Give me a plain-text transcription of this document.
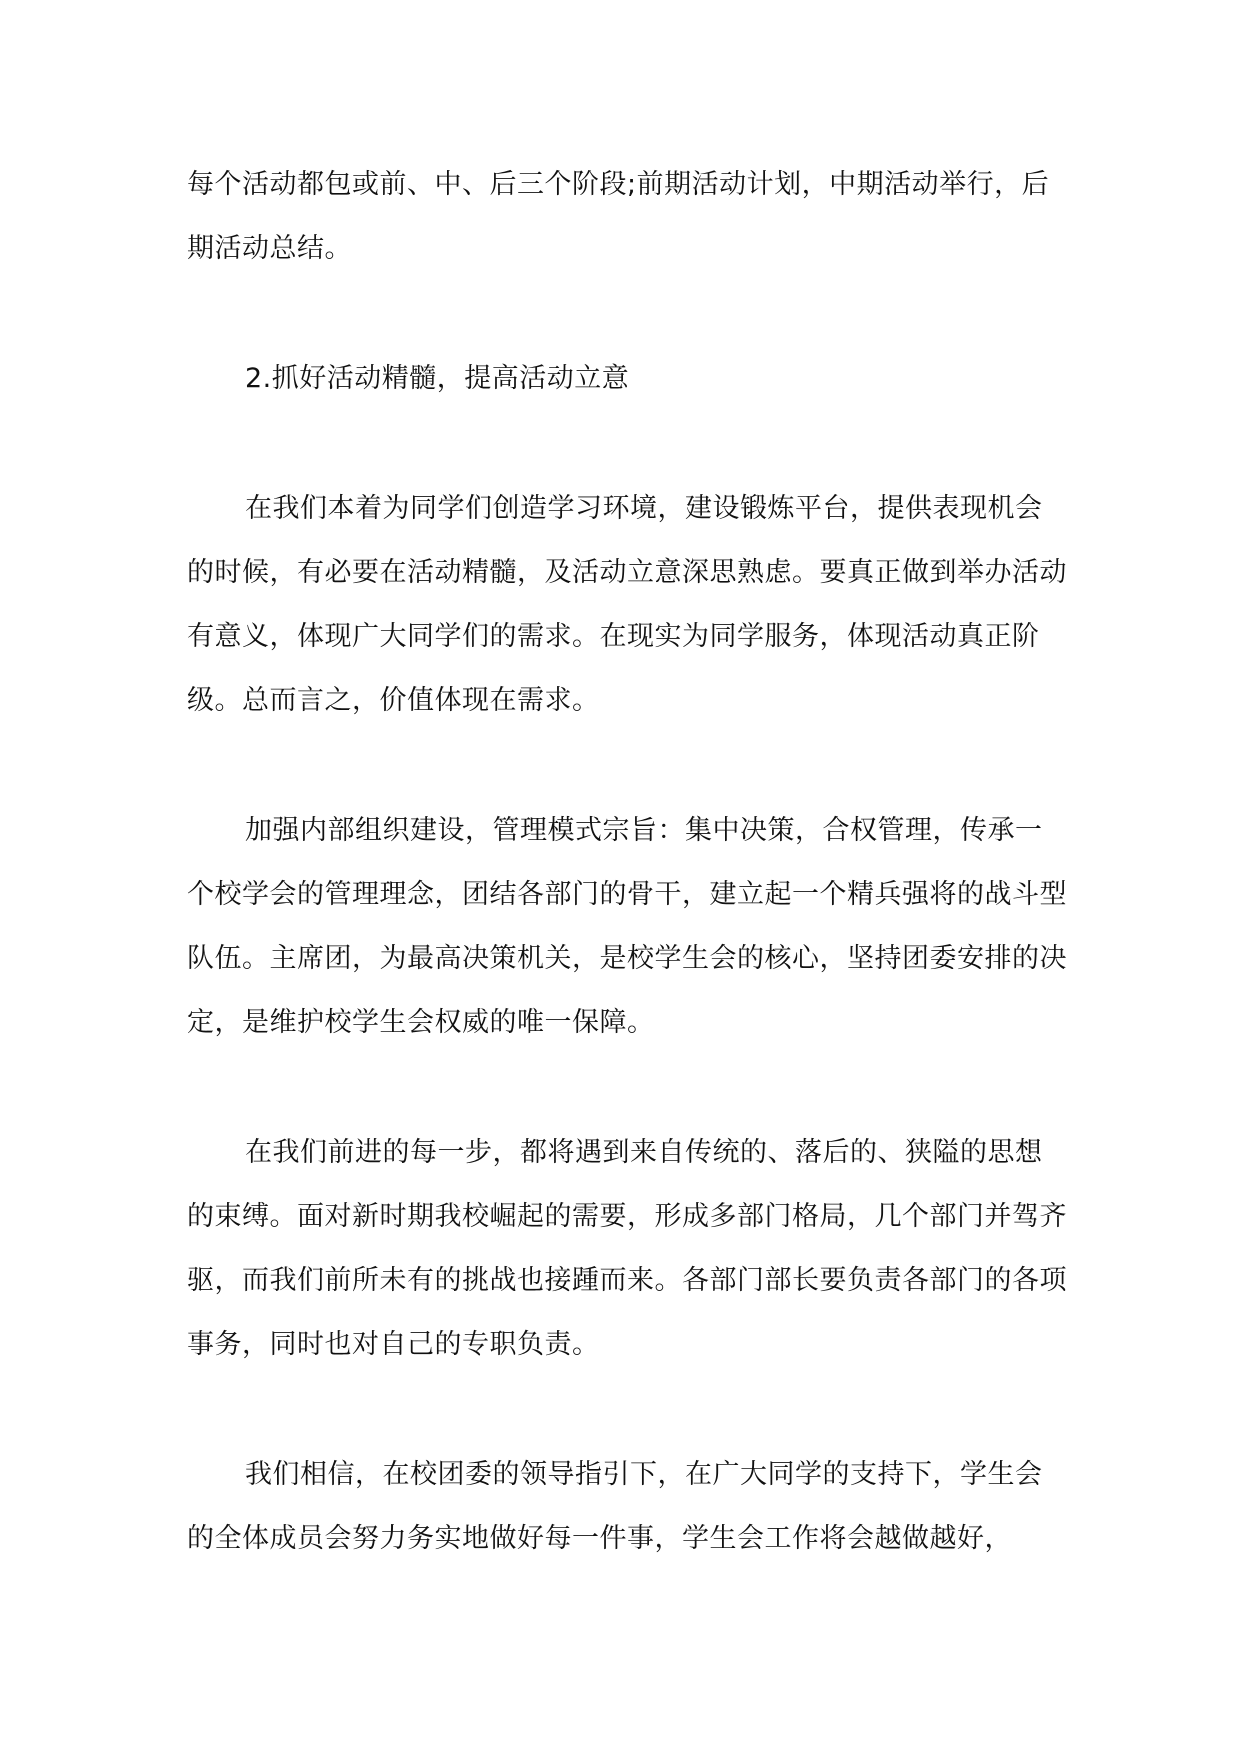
每个活动都包或前、中、后三个阶段;前期活动计划，中期活动举行，后期活动总结。

2.抓好活动精髓，提高活动立意

在我们本着为同学们创造学习环境，建设锻炼平台，提供表现机会的时候，有必要在活动精髓，及活动立意深思熟虑。要真正做到举办活动有意义，体现广大同学们的需求。在现实为同学服务，体现活动真正阶级。总而言之，价值体现在需求。

加强内部组织建设，管理模式宗旨：集中决策，合权管理，传承一个校学会的管理理念，团结各部门的骨干，建立起一个精兵强将的战斗型队伍。主席团，为最高决策机关，是校学生会的核心，坚持团委安排的决定，是维护校学生会权威的唯一保障。

在我们前进的每一步，都将遇到来自传统的、落后的、狭隘的思想的束缚。面对新时期我校崛起的需要，形成多部门格局，几个部门并驾齐驱，而我们前所未有的挑战也接踵而来。各部门部长要负责各部门的各项事务，同时也对自己的专职负责。

我们相信，在校团委的领导指引下，在广大同学的支持下，学生会的全体成员会努力务实地做好每一件事，学生会工作将会越做越好，
